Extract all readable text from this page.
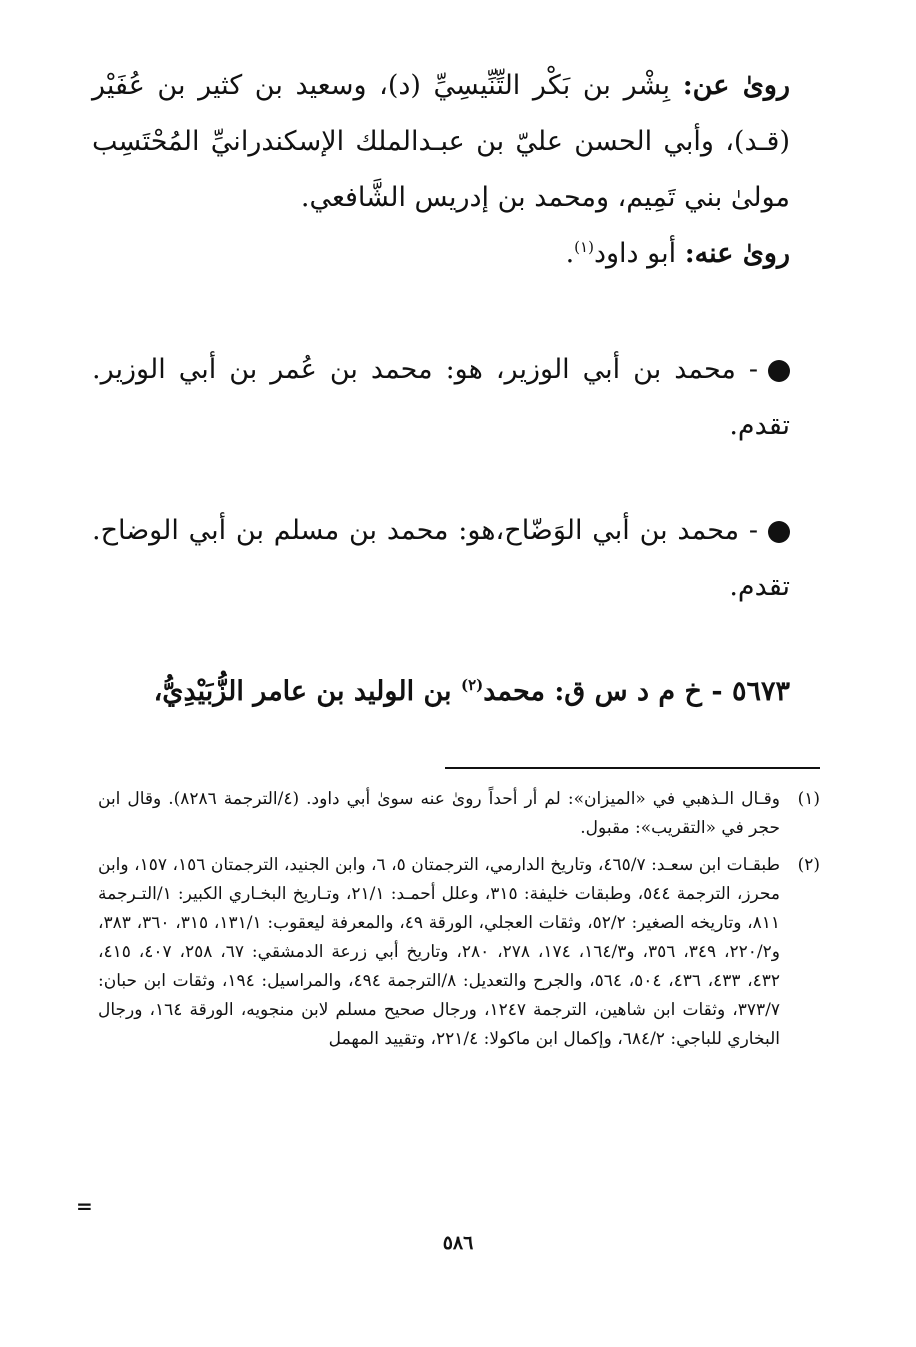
روىٰ عن: بِشْر بن بَكْر التِّنِّيسِيِّ (د)، وسعيد بن كثير بن عُفَيْر (قـد)، وأبي الحسن عليّ بن عبـدالملك الإسكندرانيِّ المُحْتَسِب مولىٰ بني تَمِيم، ومحمد بن إدريس الشَّافعي.

روىٰ عنه: أبو داود$^{(١)}$.

- محمد بن أبي الوزير، هو: محمد بن عُمر بن أبي الوزير. تقدم.

- محمد بن أبي الوَضّاح،هو: محمد بن مسلم بن أبي الوضاح. تقدم.

٥٦٧٣ - خ م د س ق: محمد$^{(٢)}$ بن الوليد بن عامر الزُّبَيْدِيُّ،

(١)
وقـال الـذهبي في «الميزان»: لم أر أحداً روىٰ عنه سوىٰ أبي داود. (٤/الترجمة ٨٢٨٦). وقال ابن حجر في «التقريب»: مقبول.
(٢)
طبقـات ابن سعـد: ٤٦٥/٧، وتاريخ الدارمي، الترجمتان ٥، ٦، وابن الجنيد، الترجمتان ١٥٦، ١٥٧، وابن محرز، الترجمة ٥٤٤، وطبقات خليفة: ٣١٥، وعلل أحمـد: ٢١/١، وتـاريخ البخـاري الكبير: ١/التـرجمة ٨١١، وتاريخه الصغير: ٥٢/٢، وثقات العجلي، الورقة ٤٩، والمعرفة ليعقوب: ١٣١/١، ٣١٥، ٣٦٠، ٣٨٣، و٢٢٠/٢، ٣٤٩، ٣٥٦، و١٦٤/٣، ١٧٤، ٢٧٨، ٢٨٠، وتاريخ أبي زرعة الدمشقي: ٦٧، ٢٥٨، ٤٠٧، ٤١٥، ٤٣٢، ٤٣٣، ٤٣٦، ٥٠٤، ٥٦٤، والجرح والتعديل: ٨/الترجمة ٤٩٤، والمراسيل: ١٩٤، وثقات ابن حبان: ٣٧٣/٧، وثقات ابن شاهين، الترجمة ١٢٤٧، ورجال صحيح مسلم لابن منجويه، الورقة ١٦٤، ورجال البخاري للباجي: ٦٨٤/٢، وإكمال ابن ماكولا: ٢٢١/٤، وتقييد المهمل
=
٥٨٦
